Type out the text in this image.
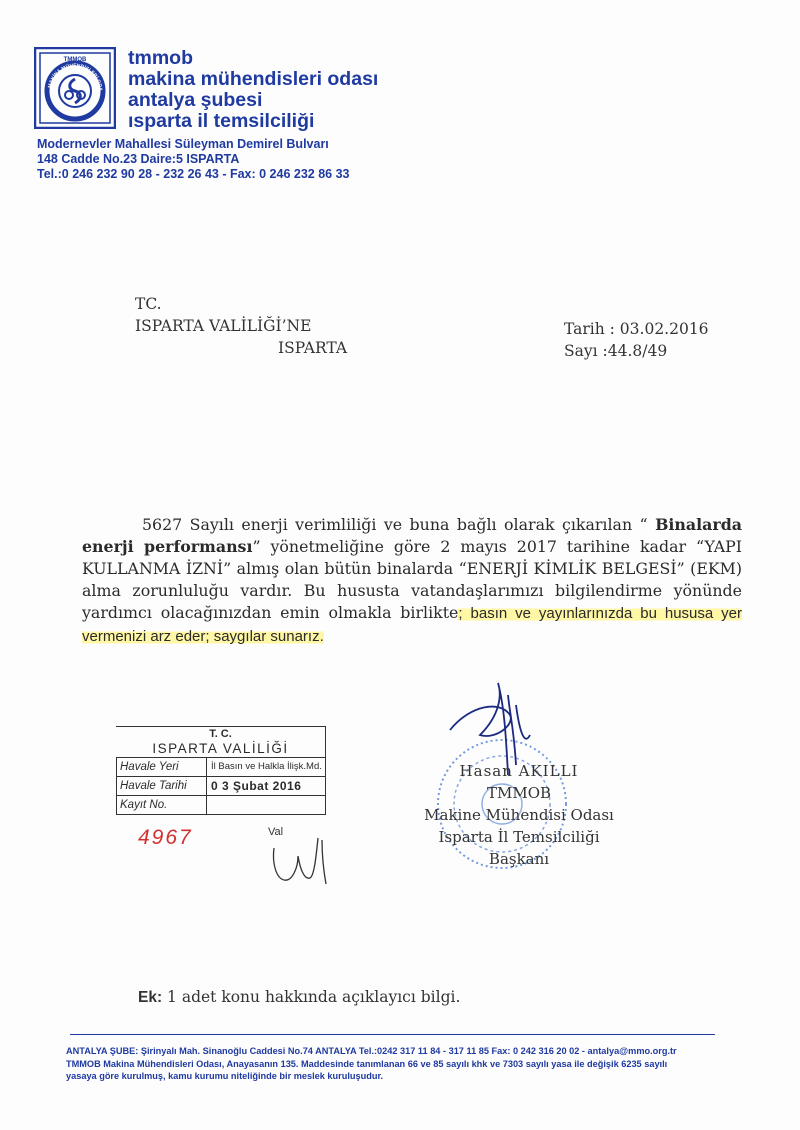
TMMOB
MAKİNA MÜHENDİSLERİ ODA
tmmob
makina mühendisleri odası
antalya şubesi
ısparta il temsilciliği
Modernevler Mahallesi Süleyman Demirel Bulvarı
148 Cadde No.23 Daire:5 ISPARTA
Tel.:0 246 232 90 28 - 232 26 43 - Fax: 0 246 232 86 33
TC.
ISPARTA VALİLİĞİ’NE
ISPARTA
Tarih : 03.02.2016
Sayı :44.8/49

5627 Sayılı enerji verimliliği ve buna bağlı olarak çıkarılan “ Binalarda enerji performansı” yönetmeliğine göre 2 mayıs 2017 tarihine kadar “YAPI KULLANMA İZNİ” almış olan bütün binalarda “ENERJİ KİMLİK BELGESİ” (EKM) alma zorunluluğu vardır. Bu hususta vatandaşlarımızı bilgilendirme yönünde yardımcı olacağınızdan emin olmakla birlikte; basın ve yayınlarınızda bu hususa yer vermenizi arz eder; saygılar sunarız.

T. C.
ISPARTA VALİLİĞİ
Havale Yeri	İl Basın ve Halkla İlişk.Md.
Havale Tarihi	0 3 Şubat 2016
Kayıt No.
4967	Val
Hasan AKILLI
TMMOB
Makine Mühendisi Odası
Isparta İl Temsilciliği
Başkanı
Ek: 1 adet konu hakkında açıklayıcı bilgi.
ANTALYA ŞUBE: Şirinyalı Mah. Sinanoğlu Caddesi No.74 ANTALYA Tel.:0242 317 11 84 - 317 11 85 Fax: 0 242 316 20 02 - antalya@mmo.org.tr
TMMOB Makina Mühendisleri Odası, Anayasanın 135. Maddesinde tanımlanan 66 ve 85 sayılı khk ve 7303 sayılı yasa ile değişik 6235 sayılı
yasaya göre kurulmuş, kamu kurumu niteliğinde bir meslek kuruluşudur.
